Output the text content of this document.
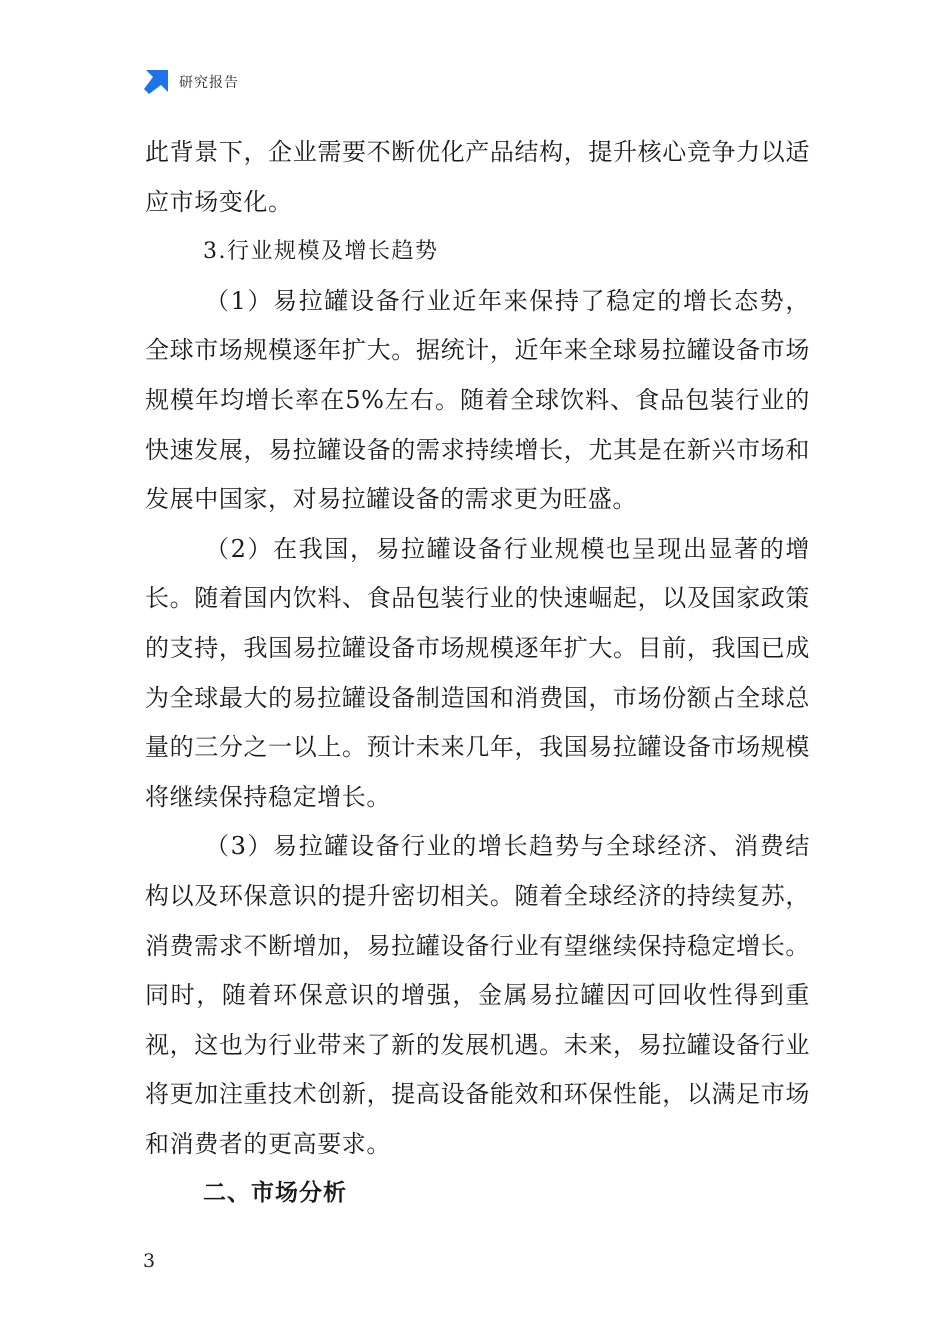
研究报告

此背景下，企业需要不断优化产品结构，提升核心竞争力以适应市场变化。

3.行业规模及增长趋势

（1）易拉罐设备行业近年来保持了稳定的增长态势，全球市场规模逐年扩大。据统计，近年来全球易拉罐设备市场规模年均增长率在5%左右。随着全球饮料、食品包装行业的快速发展，易拉罐设备的需求持续增长，尤其是在新兴市场和发展中国家，对易拉罐设备的需求更为旺盛。

（2）在我国，易拉罐设备行业规模也呈现出显著的增长。随着国内饮料、食品包装行业的快速崛起，以及国家政策的支持，我国易拉罐设备市场规模逐年扩大。目前，我国已成为全球最大的易拉罐设备制造国和消费国，市场份额占全球总量的三分之一以上。预计未来几年，我国易拉罐设备市场规模将继续保持稳定增长。

（3）易拉罐设备行业的增长趋势与全球经济、消费结构以及环保意识的提升密切相关。随着全球经济的持续复苏，消费需求不断增加，易拉罐设备行业有望继续保持稳定增长。同时，随着环保意识的增强，金属易拉罐因可回收性得到重视，这也为行业带来了新的发展机遇。未来，易拉罐设备行业将更加注重技术创新，提高设备能效和环保性能，以满足市场和消费者的更高要求。

二、市场分析

3
